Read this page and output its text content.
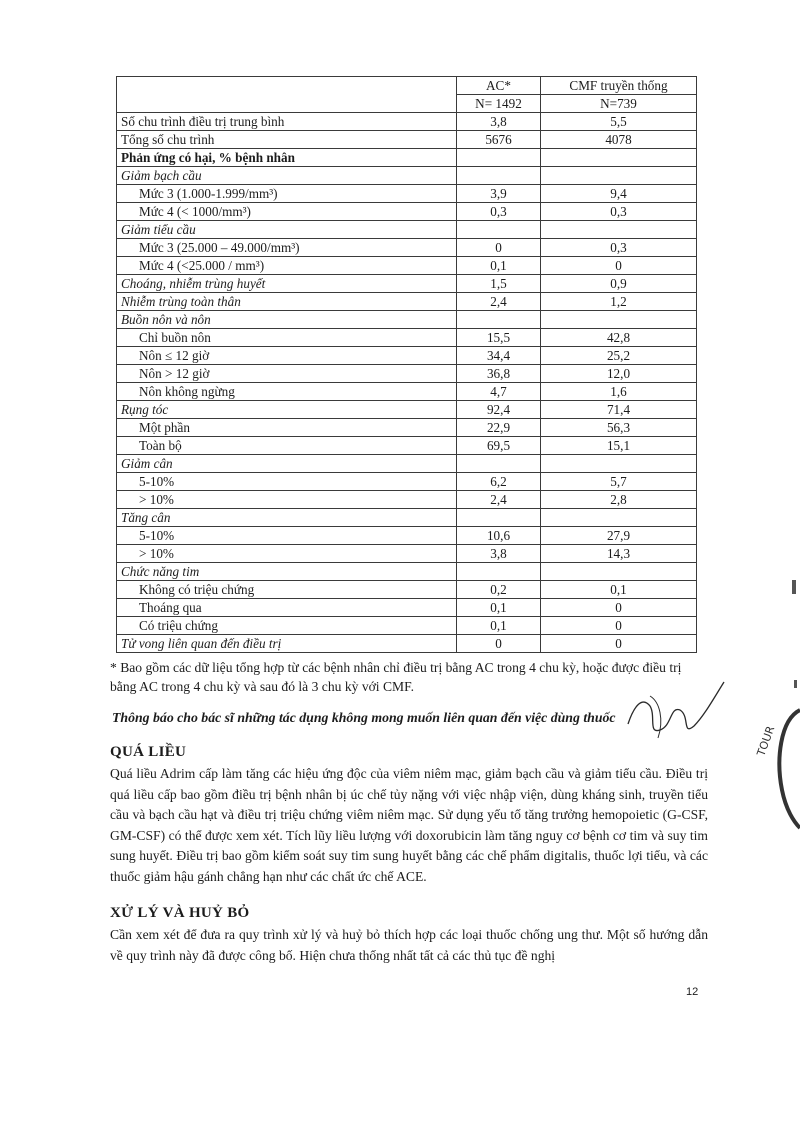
	AC*	CMF truyền thống
	N= 1492	N=739
Số chu trình điều trị trung bình	3,8	5,5
Tổng số chu trình	5676	4078
Phản ứng có hại, % bệnh nhân		
Giảm bạch cầu		
Mức 3 (1.000-1.999/mm³)	3,9	9,4
Mức 4 (< 1000/mm³)	0,3	0,3
Giảm tiểu cầu		
Mức 3 (25.000 – 49.000/mm³)	0	0,3
Mức 4 (<25.000 / mm³)	0,1	0
Choáng, nhiễm trùng huyết	1,5	0,9
Nhiễm trùng toàn thân	2,4	1,2
Buồn nôn và nôn		
Chỉ buồn nôn	15,5	42,8
Nôn ≤ 12 giờ	34,4	25,2
Nôn > 12 giờ	36,8	12,0
Nôn không ngừng	4,7	1,6
Rụng tóc	92,4	71,4
Một phần	22,9	56,3
Toàn bộ	69,5	15,1
Giảm cân		
5-10%	6,2	5,7
> 10%	2,4	2,8
Tăng cân		
5-10%	10,6	27,9
> 10%	3,8	14,3
Chức năng tim		
Không có triệu chứng	0,2	0,1
Thoáng qua	0,1	0
Có triệu chứng	0,1	0
Tử vong liên quan đến điều trị	0	0
* Bao gồm các dữ liệu tổng hợp từ các bệnh nhân chỉ điều trị bằng AC trong 4 chu kỳ, hoặc được điều trị bằng AC trong 4 chu kỳ và sau đó là 3 chu kỳ với CMF.
Thông báo cho bác sĩ những tác dụng không mong muốn liên quan đến việc dùng thuốc
QUÁ LIỀU
Quá liều Adrim cấp làm tăng các hiệu ứng độc của viêm niêm mạc, giảm bạch cầu và giảm tiểu cầu. Điều trị quá liều cấp bao gồm điều trị bệnh nhân bị úc chế tủy nặng với việc nhập viện, dùng kháng sinh, truyền tiểu cầu và bạch cầu hạt và điều trị triệu chứng viêm niêm mạc. Sử dụng yếu tố tăng trưởng hemopoietic (G-CSF, GM-CSF) có thể được xem xét. Tích lũy liều lượng với doxorubicin làm tăng nguy cơ bệnh cơ tim và suy tim sung huyết. Điều trị bao gồm kiểm soát suy tim sung huyết bằng các chế phẩm digitalis, thuốc lợi tiểu, và các thuốc giảm hậu gánh chẳng hạn như các chất ức chế ACE.
XỬ LÝ VÀ HUỶ BỎ
Cần xem xét để đưa ra quy trình xử lý và huỷ bỏ thích hợp các loại thuốc chống ung thư. Một số hướng dẫn về quy trình này đã được công bố. Hiện chưa thống nhất tất cả các thủ tục đề nghị
12
TOUR
